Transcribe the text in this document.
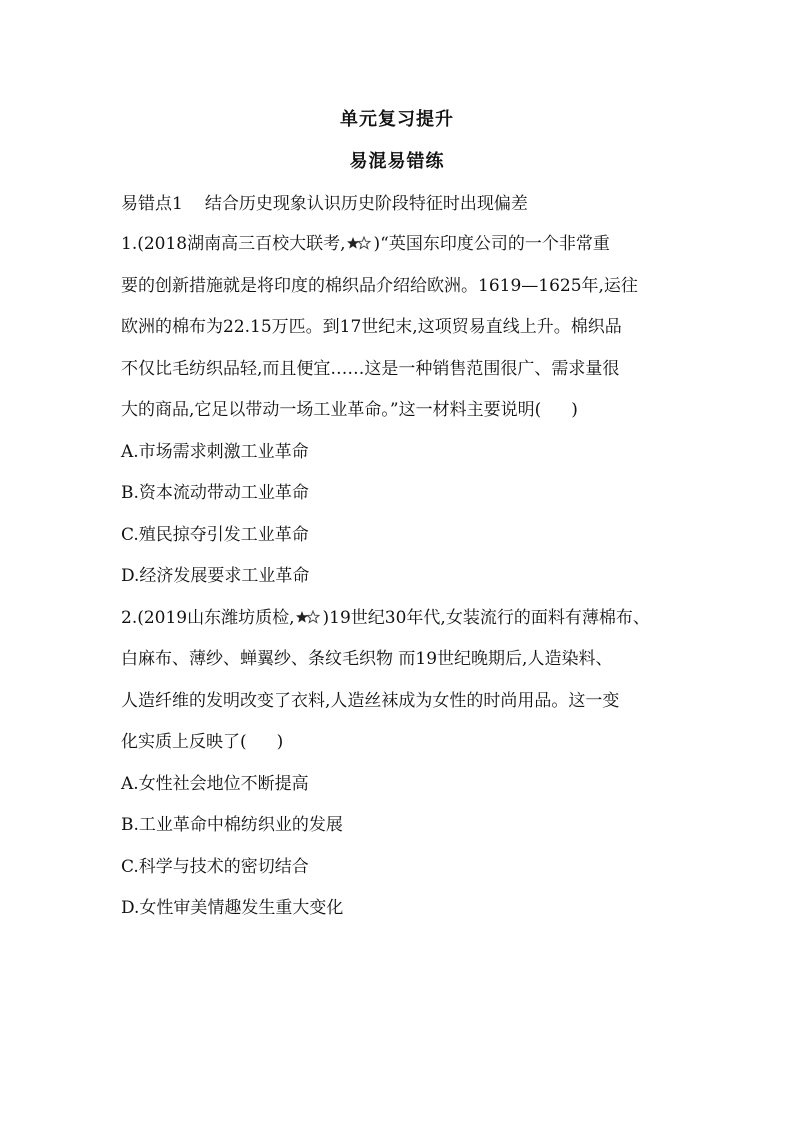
单元复习提升
易混易错练
易错点1 结合历史现象认识历史阶段特征时出现偏差
1.(2018湖南高三百校大联考, )“英国东印度公司的一个非常重
要的创新措施就是将印度的棉织品介绍给欧洲。1619—1625年,运往
欧洲的棉布为22.15万匹。到17世纪末,这项贸易直线上升。棉织品
不仅比毛纺织品轻,而且便宜……这是一种销售范围很广、需求量很
大的商品,它足以带动一场工业革命。”这一材料主要说明( )
A.市场需求刺激工业革命
B.资本流动带动工业革命
C.殖民掠夺引发工业革命
D.经济发展要求工业革命
2.(2019山东潍坊质检, )19世纪30年代,女装流行的面料有薄棉布、
白麻布、薄纱、蝉翼纱、条纹毛织物 而19世纪晚期后,人造染料、
人造纤维的发明改变了衣料,人造丝袜成为女性的时尚用品。这一变
化实质上反映了( )
A.女性社会地位不断提高
B.工业革命中棉纺织业的发展
C.科学与技术的密切结合
D.女性审美情趣发生重大变化
